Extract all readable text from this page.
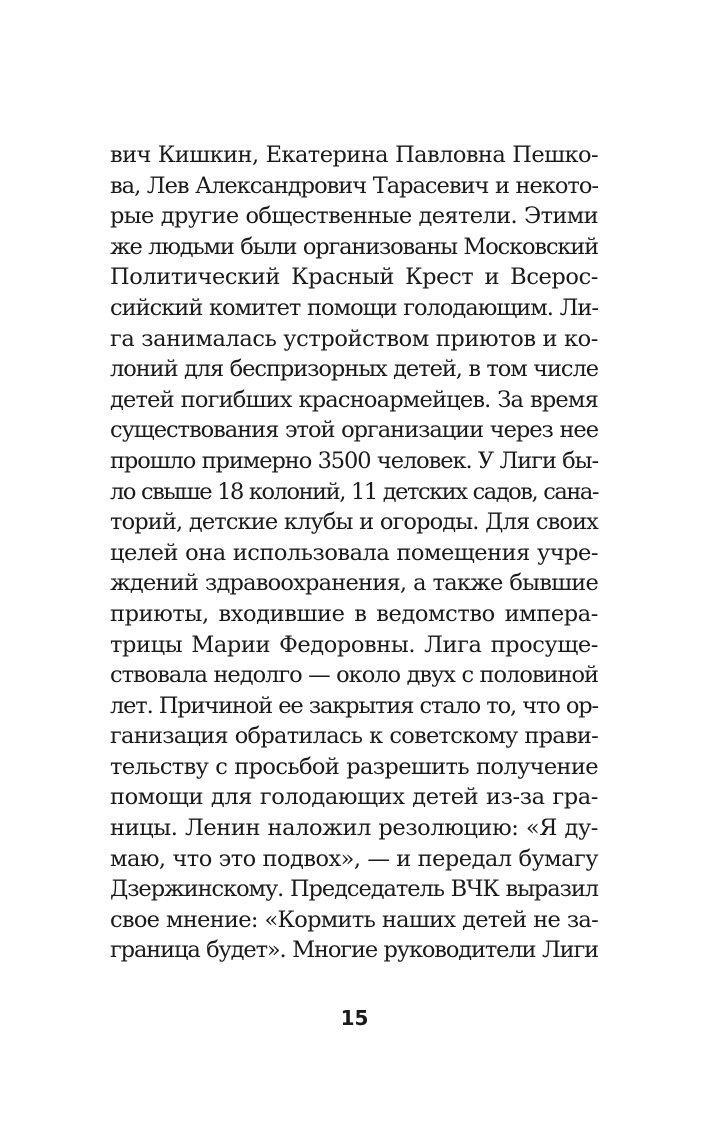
вич Кишкин, Екатерина Павловна Пешко-
ва, Лев Александрович Тарасевич и некото-
рые другие общественные деятели. Этими
же людьми были организованы Московский
Политический Красный Крест и Всерос-
сийский комитет помощи голодающим. Ли-
га занималась устройством приютов и ко-
лоний для беспризорных детей, в том числе
детей погибших красноармейцев. За время
существования этой организации через нее
прошло примерно 3500 человек. У Лиги бы-
ло свыше 18 колоний, 11 детских садов, сана-
торий, детские клубы и огороды. Для своих
целей она использовала помещения учре-
ждений здравоохранения, а также бывшие
приюты, входившие в ведомство импера-
трицы Марии Федоровны. Лига просуще-
ствовала недолго — около двух с половиной
лет. Причиной ее закрытия стало то, что ор-
ганизация обратилась к советскому прави-
тельству с просьбой разрешить получение
помощи для голодающих детей из-за гра-
ницы. Ленин наложил резолюцию: «Я ду-
маю, что это подвох», — и передал бумагу
Дзержинскому. Председатель ВЧК выразил
свое мнение: «Кормить наших детей не за-
граница будет». Многие руководители Лиги
15
